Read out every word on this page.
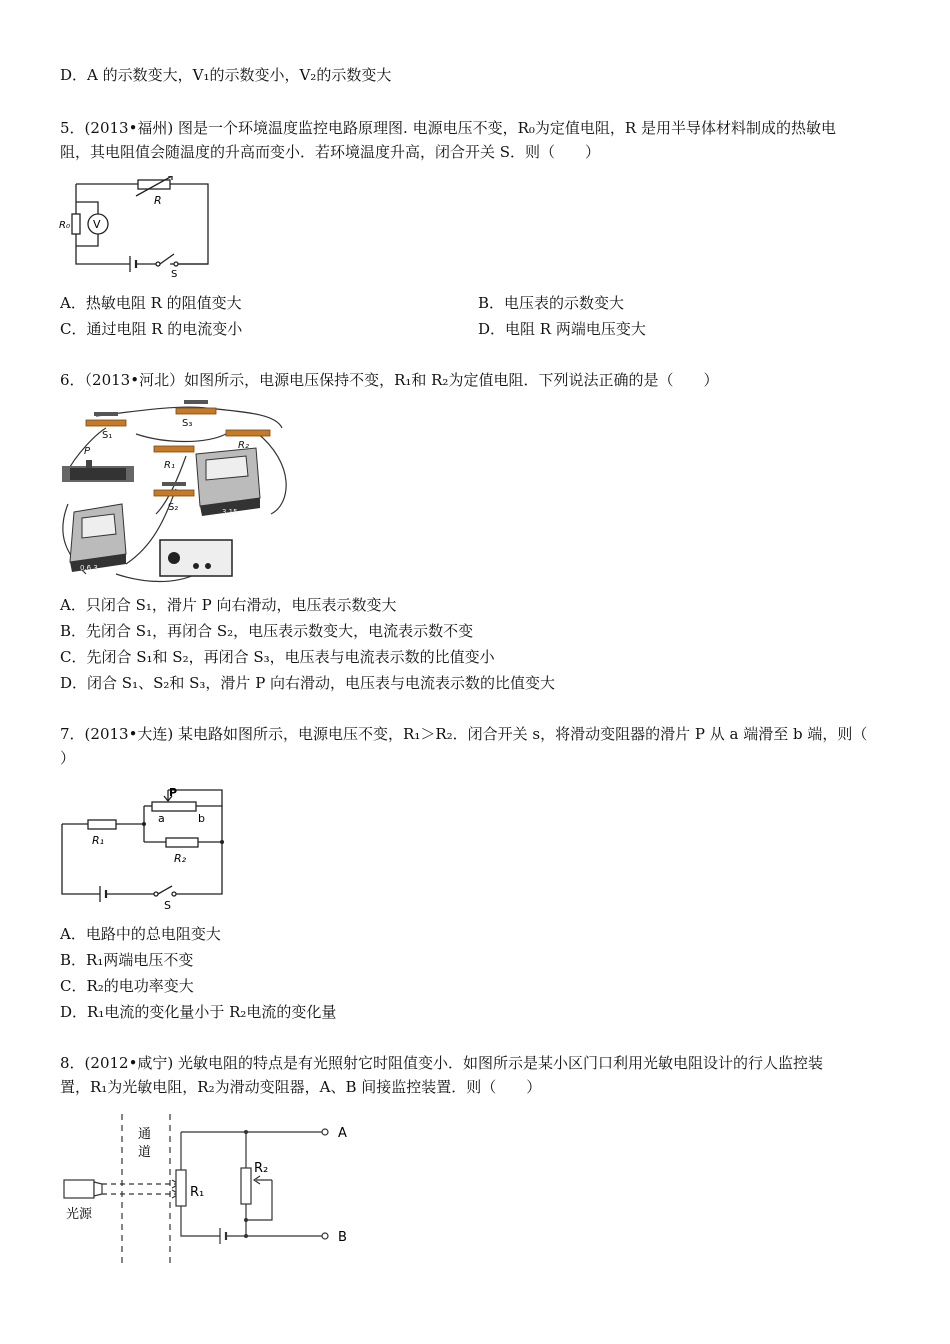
D．A 的示数变大，V₁的示数变小，V₂的示数变大
5．(2013•福州) 图是一个环境温度监控电路原理图. 电源电压不变，R₀为定值电阻，R 是用半导体材料制成的热敏电
阻，其电阻值会随温度的升高而变小．若环境温度升高，闭合开关 S．则（　　）
R₀ V
R
S
A．热敏电阻 R 的阻值变大	B．电压表的示数变大
C．通过电阻 R 的电流变小	D．电阻 R 两端电压变大
6．（2013•河北）如图所示，电源电压保持不变，R₁和 R₂为定值电阻．下列说法正确的是（　　）
S₁
S₃
R₁
R₂
P
S₂	3 15
0.6 3
A．只闭合 S₁，滑片 P 向右滑动，电压表示数变大
B．先闭合 S₁，再闭合 S₂，电压表示数变大，电流表示数不变
C．先闭合 S₁和 S₂，再闭合 S₃，电压表与电流表示数的比值变小
D．闭合 S₁、S₂和 S₃，滑片 P 向右滑动，电压表与电流表示数的比值变大
7．(2013•大连) 某电路如图所示，电源电压不变，R₁＞R₂．闭合开关 s，将滑动变阻器的滑片 P 从 a 端滑至 b 端，则（
）
P
a	b
R₁
R₂
S
A．电路中的总电阻变大
B．R₁两端电压不变
C．R₂的电功率变大
D．R₁电流的变化量小于 R₂电流的变化量
8．(2012•咸宁) 光敏电阻的特点是有光照射它时阻值变小．如图所示是某小区门口利用光敏电阻设计的行人监控装
置，R₁为光敏电阻，R₂为滑动变阻器，A、B 间接监控装置．则（　　）
通
道
光源
R₁
R₂
A
B
